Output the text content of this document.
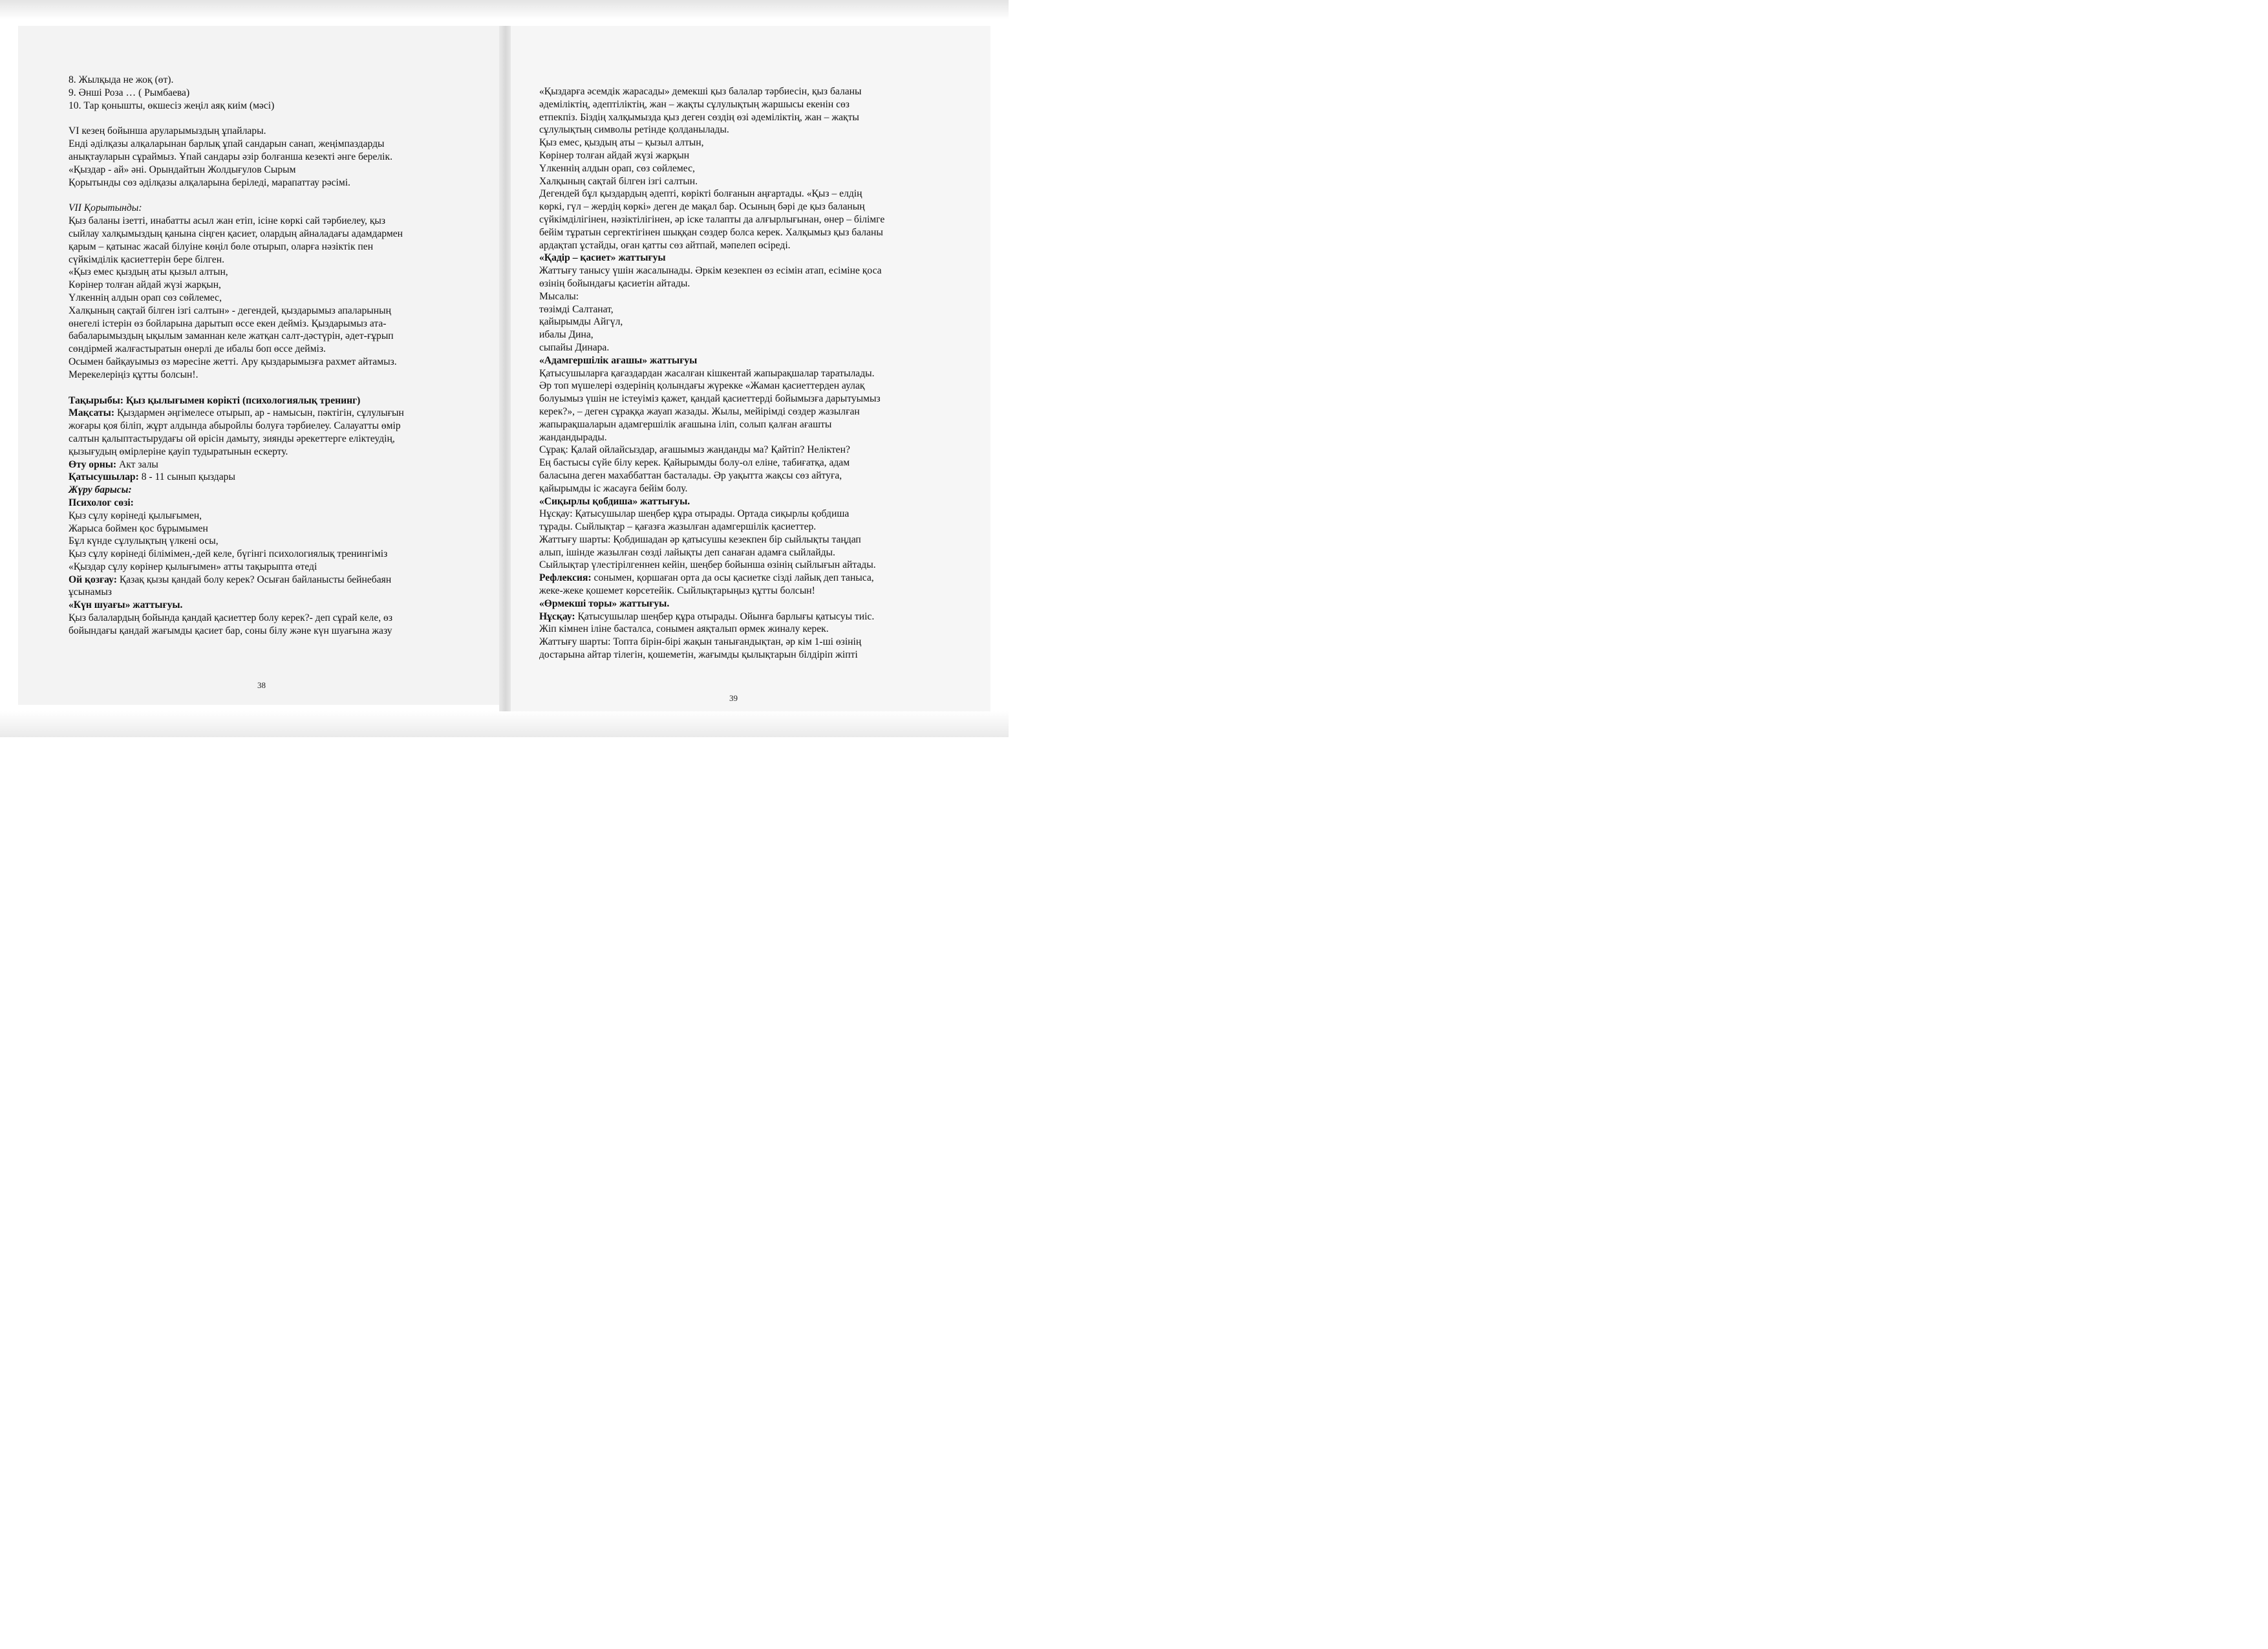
8. Жылқыда не жоқ (өт).
9. Әнші Роза … ( Рымбаева)
10. Тар қонышты, өкшесіз жеңіл аяқ киім (мәсі)
VI кезең бойынша аруларымыздың ұпайлары.
Енді әділқазы алқаларынан барлық ұпай сандарын санап, жеңімпаздарды
анықтауларын сұраймыз. Ұпай сандары әзір болғанша кезекті әнге берелік.
«Қыздар - ай» әні. Орындайтын Жолдығулов Сырым
Қорытынды сөз әділқазы алқаларына беріледі, марапаттау рәсімі.
VII Қорытынды:
Қыз баланы ізетті, инабатты асыл жан етіп, ісіне көркі сай тәрбиелеу, қыз
сыйлау халқымыздың қанына сіңген қасиет, олардың айналадағы адамдармен
қарым – қатынас жасай білуіне көңіл бөле отырып, оларға нәзіктік пен
сүйкімділік қасиеттерін бере білген.
«Қыз емес қыздың аты қызыл алтын,
Көрінер толған айдай жүзі жарқын,
Үлкеннің алдын орап сөз сөйлемес,
Халқының сақтай білген ізгі салтын» - дегендей, қыздарымыз апаларының
өнегелі істерін өз бойларына дарытып өссе екен дейміз. Қыздарымыз ата-
бабаларымыздың ықылым заманнан келе жатқан салт-дәстүрін, әдет-ғұрып
сөндірмей жалғастыратын өнерлі де ибалы боп өссе дейміз.
Осымен байқауымыз өз мәресіне жетті. Ару қыздарымызға рахмет айтамыз.
Мерекелеріңіз құтты болсын!.
Тақырыбы: Қыз қылығымен көрікті (психологиялық тренинг)
Мақсаты: Қыздармен әңгімелесе отырып, ар - намысын, пәктігін, сұлулығын
жоғары қоя біліп, жұрт алдында абыройлы болуға тәрбиелеу. Салауатты өмір
салтын қалыптастырудағы ой өрісін дамыту, зиянды әрекеттерге еліктеудің,
қызығудың өмірлеріне қауіп тудыратынын ескерту.
Өту орны: Акт залы
Қатысушылар: 8 - 11 сынып қыздары
Жүру барысы:
Психолог сөзі:
Қыз сұлу көрінеді қылығымен,
Жарыса боймен қос бұрымымен
Бұл күнде сұлулықтың үлкені осы,
Қыз сұлу көрінеді білімімен,-дей келе, бүгінгі психологиялық тренингіміз
«Қыздар сұлу көрінер қылығымен» атты тақырыпта өтеді
Ой қозғау: Қазақ қызы қандай болу керек? Осыған байланысты бейнебаян
ұсынамыз
«Күн шуағы» жаттығуы.
Қыз балалардың бойында қандай қасиеттер болу керек?- деп сұрай келе, өз
бойындағы қандай жағымды қасиет бар, соны білу және күн шуағына жазу
38
«Қыздарға әсемдік жарасады» демекші қыз балалар тәрбиесін, қыз баланы
әдеміліктің, әдептіліктің, жан – жақты сұлулықтың жаршысы екенін сөз
етпекпіз. Біздің халқымызда қыз деген сөздің өзі әдеміліктің, жан – жақты
сұлулықтың символы ретінде қолданылады.
Қыз емес, қыздың аты – қызыл алтын,
Көрінер толған айдай жүзі жарқын
Үлкеннің алдын орап, сөз сөйлемес,
Халқының сақтай білген ізгі салтын.
Дегендей бұл қыздардың әдепті, көрікті болғанын аңғартады. «Қыз – елдің
көркі, гүл – жердің көркі» деген де мақал бар. Осының бәрі де қыз баланың
сүйкімділігінен, нәзіктілігінен, әр іске талапты да алғырлығынан, өнер – білімге
бейім тұратын сергектігінен шыққан сөздер болса керек. Халқымыз қыз баланы
ардақтап ұстайды, оған қатты сөз айтпай, мәпелеп өсіреді.
«Қадір – қасиет» жаттығуы
Жаттығу танысу үшін жасалынады. Әркім кезекпен өз есімін атап, есіміне қоса
өзінің бойындағы қасиетін айтады.
Мысалы:
төзімді Салтанат,
қайырымды Айгүл,
ибалы Дина,
сыпайы Динара.
«Адамгершілік ағашы» жаттығуы
Қатысушыларға қағаздардан жасалған кішкентай жапырақшалар таратылады.
Әр топ мүшелері өздерінің қолындағы жүрекке «Жаман қасиеттерден аулақ
болуымыз үшін не істеуіміз қажет, қандай қасиеттерді бойымызға дарытуымыз
керек?», – деген сұраққа жауап жазады. Жылы, мейірімді сөздер жазылған
жапырақшаларын адамгершілік ағашына іліп, солып қалған ағашты
жандандырады.
Сұрақ: Қалай ойлайсыздар, ағашымыз жанданды ма? Қайтіп? Неліктен?
Ең бастысы сүйе білу керек. Қайырымды болу-ол еліне, табиғатқа, адам
баласына деген махаббаттан басталады. Әр уақытта жақсы сөз айтуға,
қайырымды іс жасауға бейім болу.
«Сиқырлы қобдиша» жаттығуы.
Нұсқау: Қатысушылар шеңбер құра отырады. Ортада сиқырлы қобдиша
тұрады. Сыйлықтар – қағазға жазылған адамгершілік қасиеттер.
Жаттығу шарты: Қобдишадан әр қатысушы кезекпен бір сыйлықты таңдап
алып, ішінде жазылған сөзді лайықты деп санаған адамға сыйлайды.
Сыйлықтар үлестірілгеннен кейін, шеңбер бойынша өзінің сыйлығын айтады.
Рефлексия: сонымен, қоршаған орта да осы қасиетке сізді лайық деп таныса,
жеке-жеке қошемет көрсетейік. Сыйлықтарыңыз құтты болсын!
«Өрмекші торы» жаттығуы.
Нұсқау: Қатысушылар шеңбер құра отырады. Ойынға барлығы қатысуы тиіс.
Жіп кімнен іліне басталса, сонымен аяқталып өрмек жиналу керек.
Жаттығу шарты: Топта бірін-бірі жақын танығандықтан, әр кім 1-ші өзінің
достарына айтар тілегін, қошеметін, жағымды қылықтарын білдіріп жіпті
39
